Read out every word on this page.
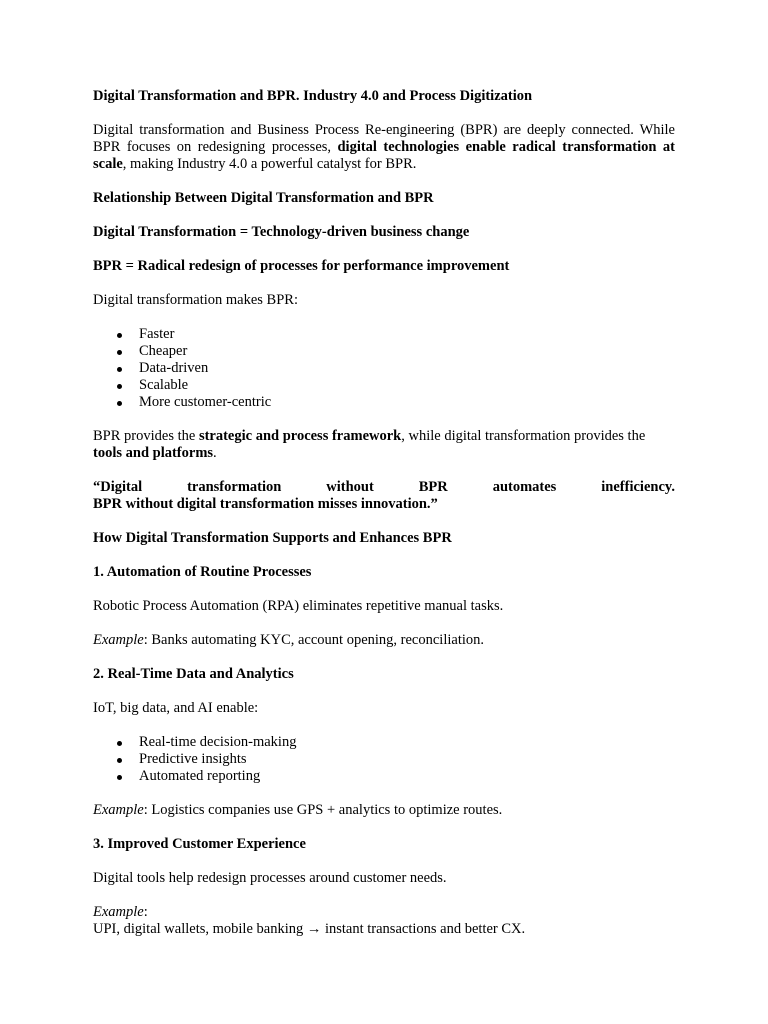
Digital Transformation and BPR. Industry 4.0 and Process Digitization

Digital transformation and Business Process Re-engineering (BPR) are deeply connected. While BPR focuses on redesigning processes, digital technologies enable radical transformation at scale, making Industry 4.0 a powerful catalyst for BPR.

Relationship Between Digital Transformation and BPR

Digital Transformation = Technology-driven business change

BPR = Radical redesign of processes for performance improvement

Digital transformation makes BPR:

Faster
Cheaper
Data-driven
Scalable
More customer-centric

BPR provides the strategic and process framework, while digital transformation provides the tools and platforms.

“Digital	transformation	without	BPR	automates	inefficiency.
BPR without digital transformation misses innovation.”

How Digital Transformation Supports and Enhances BPR

1. Automation of Routine Processes

Robotic Process Automation (RPA) eliminates repetitive manual tasks.

Example: Banks automating KYC, account opening, reconciliation.

2. Real-Time Data and Analytics

IoT, big data, and AI enable:

Real-time decision-making
Predictive insights
Automated reporting

Example: Logistics companies use GPS + analytics to optimize routes.

3. Improved Customer Experience

Digital tools help redesign processes around customer needs.

Example:

UPI, digital wallets, mobile banking → instant transactions and better CX.
